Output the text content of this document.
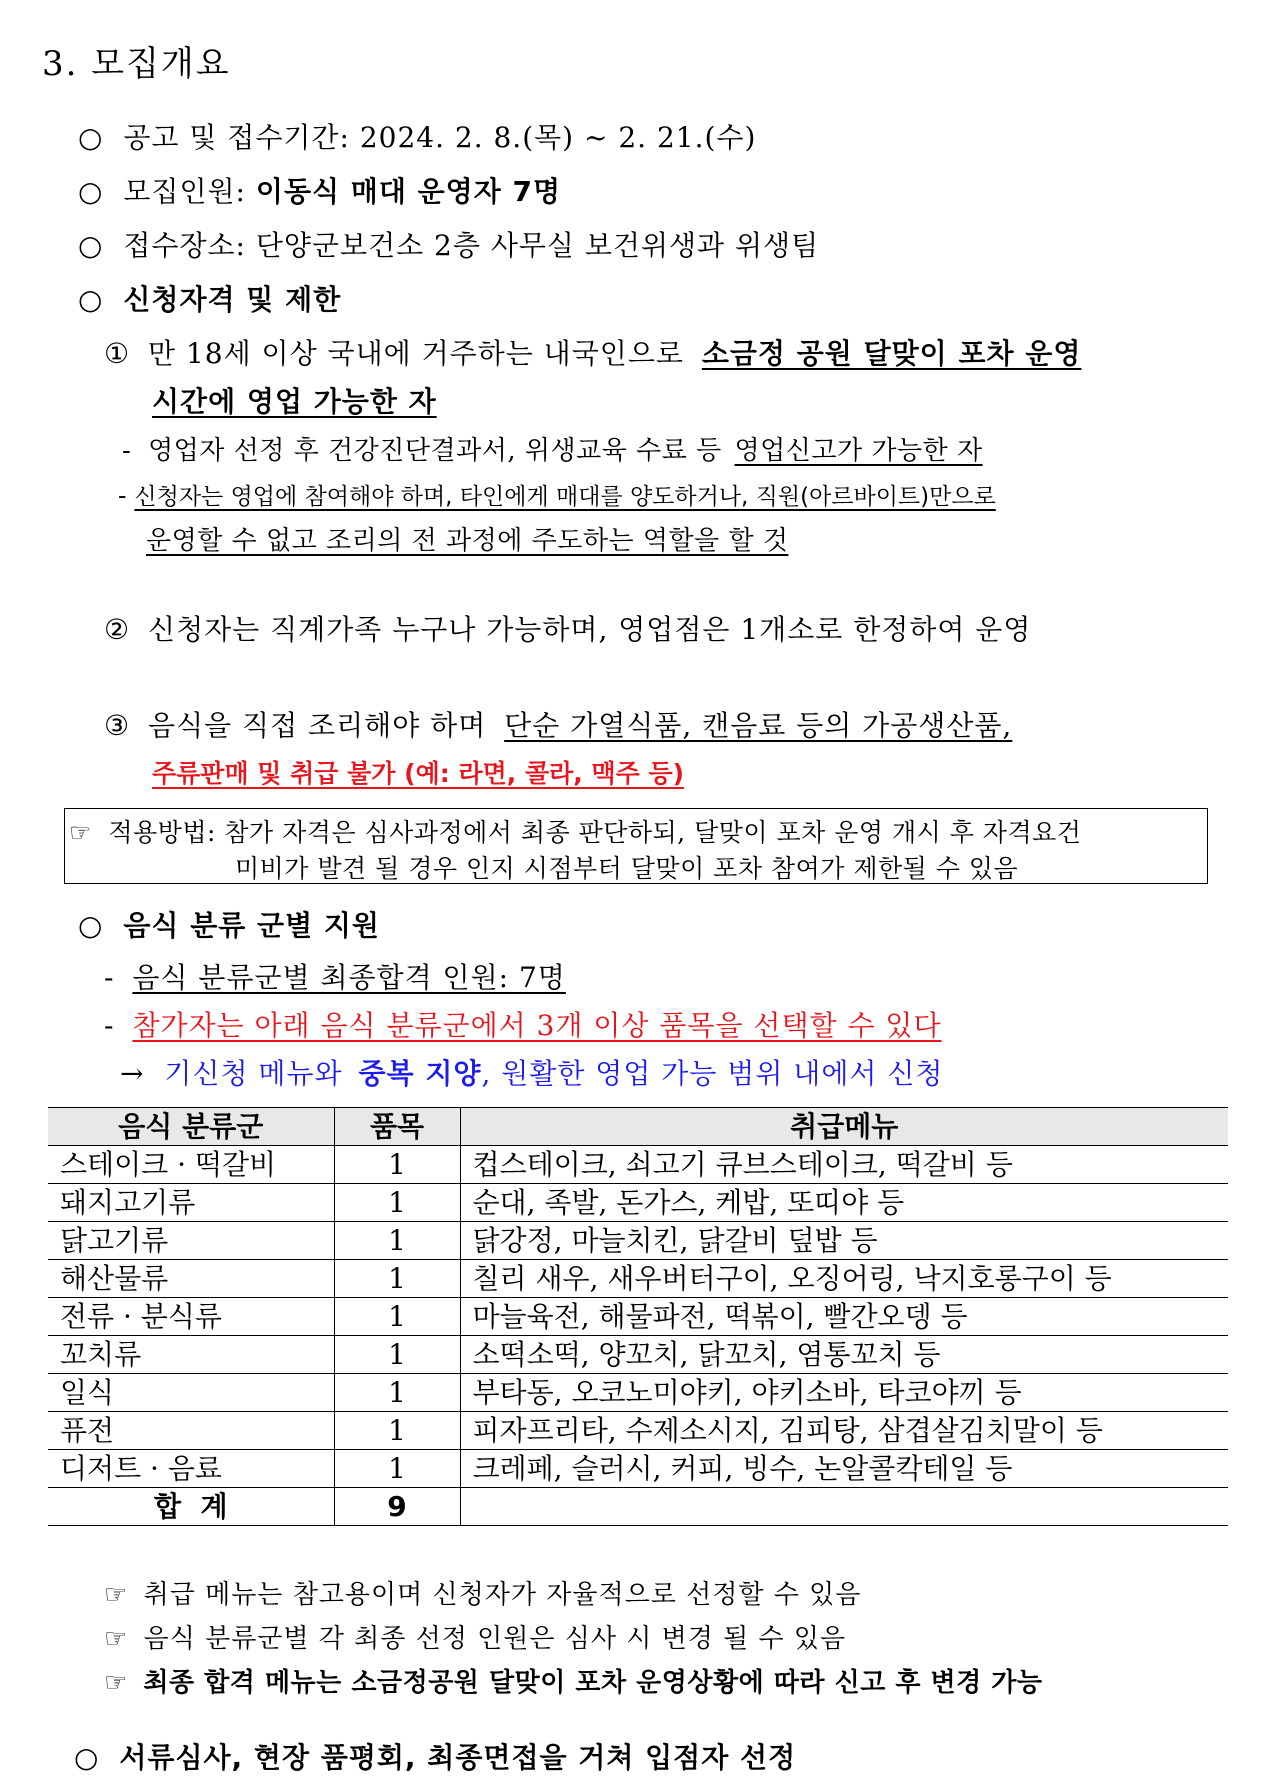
3. 모집개요
○ 공고 및 접수기간: 2024. 2. 8.(목) ~ 2. 21.(수)
○ 모집인원: 이동식 매대 운영자 7명
○ 접수장소: 단양군보건소 2층 사무실 보건위생과 위생팀
○ 신청자격 및 제한
① 만 18세 이상 국내에 거주하는 내국인으로 소금정 공원 달맞이 포차 운영
시간에 영업 가능한 자
- 영업자 선정 후 건강진단결과서, 위생교육 수료 등 영업신고가 가능한 자
- 신청자는 영업에 참여해야 하며, 타인에게 매대를 양도하거나, 직원(아르바이트)만으로
운영할 수 없고 조리의 전 과정에 주도하는 역할을 할 것
② 신청자는 직계가족 누구나 가능하며, 영업점은 1개소로 한정하여 운영
③ 음식을 직접 조리해야 하며 단순 가열식품, 캔음료 등의 가공생산품,
주류판매 및 취급 불가 (예: 라면, 콜라, 맥주 등)
☞ 적용방법: 참가 자격은 심사과정에서 최종 판단하되, 달맞이 포차 운영 개시 후 자격요건
미비가 발견 될 경우 인지 시점부터 달맞이 포차 참여가 제한될 수 있음
○ 음식 분류 군별 지원
- 음식 분류군별 최종합격 인원: 7명
- 참가자는 아래 음식 분류군에서 3개 이상 품목을 선택할 수 있다
→ 기신청 메뉴와 중복 지양, 원활한 영업 가능 범위 내에서 신청
음식 분류군	품목	취급메뉴
스테이크 · 떡갈비	1	컵스테이크, 쇠고기 큐브스테이크, 떡갈비 등
돼지고기류	1	순대, 족발, 돈가스, 케밥, 또띠야 등
닭고기류	1	닭강정, 마늘치킨, 닭갈비 덮밥 등
해산물류	1	칠리 새우, 새우버터구이, 오징어링, 낙지호롱구이 등
전류 · 분식류	1	마늘육전, 해물파전, 떡볶이, 빨간오뎅 등
꼬치류	1	소떡소떡, 양꼬치, 닭꼬치, 염통꼬치 등
일식	1	부타동, 오코노미야키, 야키소바, 타코야끼 등
퓨전	1	피자프리타, 수제소시지, 김피탕, 삼겹살김치말이 등
디저트 · 음료	1	크레페, 슬러시, 커피, 빙수, 논알콜칵테일 등
합  계	9	
☞ 취급 메뉴는 참고용이며 신청자가 자율적으로 선정할 수 있음
☞ 음식 분류군별 각 최종 선정 인원은 심사 시 변경 될 수 있음
☞ 최종 합격 메뉴는 소금정공원 달맞이 포차 운영상황에 따라 신고 후 변경 가능
○ 서류심사, 현장 품평회, 최종면접을 거쳐 입점자 선정
